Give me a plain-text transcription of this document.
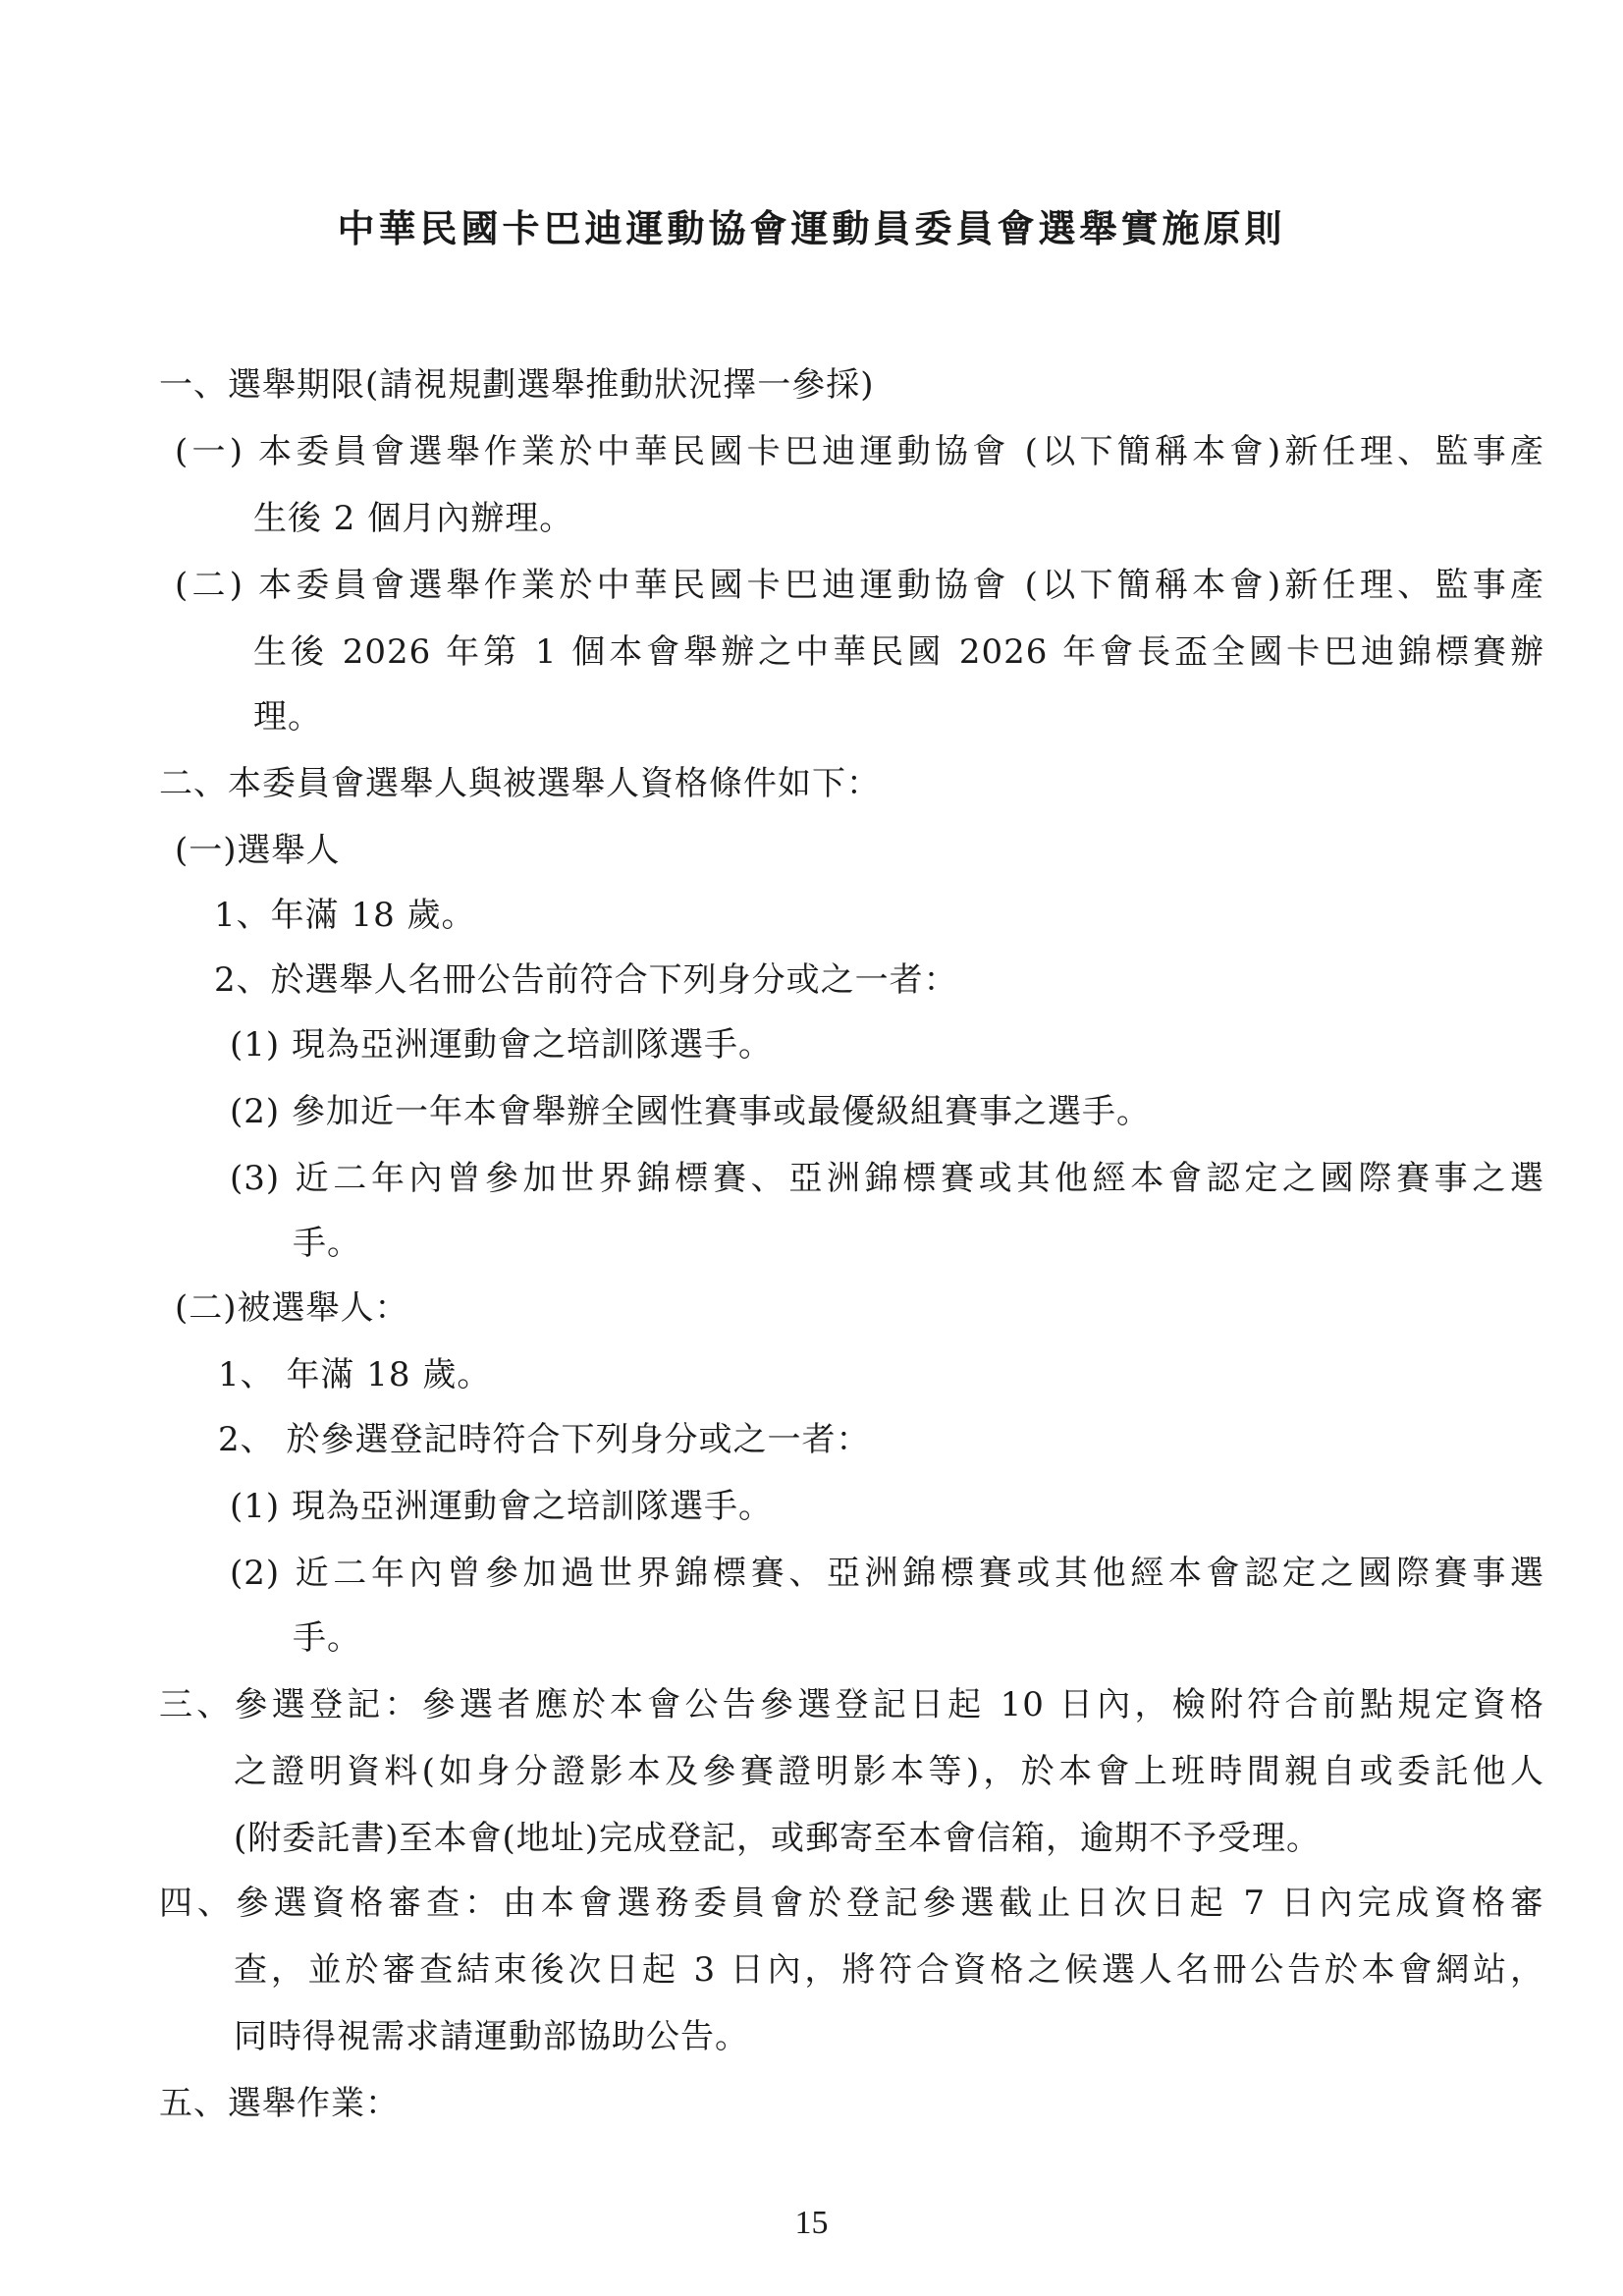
中華民國卡巴迪運動協會運動員委員會選舉實施原則
一、選舉期限(請視規劃選舉推動狀況擇一參採)
(一) 本委員會選舉作業於中華民國卡巴迪運動協會 (以下簡稱本會)新任理、監事產
生後 2 個月內辦理。
(二) 本委員會選舉作業於中華民國卡巴迪運動協會 (以下簡稱本會)新任理、監事產
生後 2026 年第 1 個本會舉辦之中華民國 2026 年會長盃全國卡巴迪錦標賽辦
理。
二、本委員會選舉人與被選舉人資格條件如下：
(一)選舉人
1、年滿 18 歲。
2、於選舉人名冊公告前符合下列身分或之一者：
(1) 現為亞洲運動會之培訓隊選手。
(2) 參加近一年本會舉辦全國性賽事或最優級組賽事之選手。
(3) 近二年內曾參加世界錦標賽、亞洲錦標賽或其他經本會認定之國際賽事之選
手。
(二)被選舉人：
1、 年滿 18 歲。
2、 於參選登記時符合下列身分或之一者：
(1) 現為亞洲運動會之培訓隊選手。
(2) 近二年內曾參加過世界錦標賽、亞洲錦標賽或其他經本會認定之國際賽事選
手。
三、參選登記：參選者應於本會公告參選登記日起 10 日內，檢附符合前點規定資格
之證明資料(如身分證影本及參賽證明影本等)，於本會上班時間親自或委託他人
(附委託書)至本會(地址)完成登記，或郵寄至本會信箱，逾期不予受理。
四、參選資格審查：由本會選務委員會於登記參選截止日次日起 7 日內完成資格審
查，並於審查結束後次日起 3 日內，將符合資格之候選人名冊公告於本會網站，
同時得視需求請運動部協助公告。
五、選舉作業：
15
